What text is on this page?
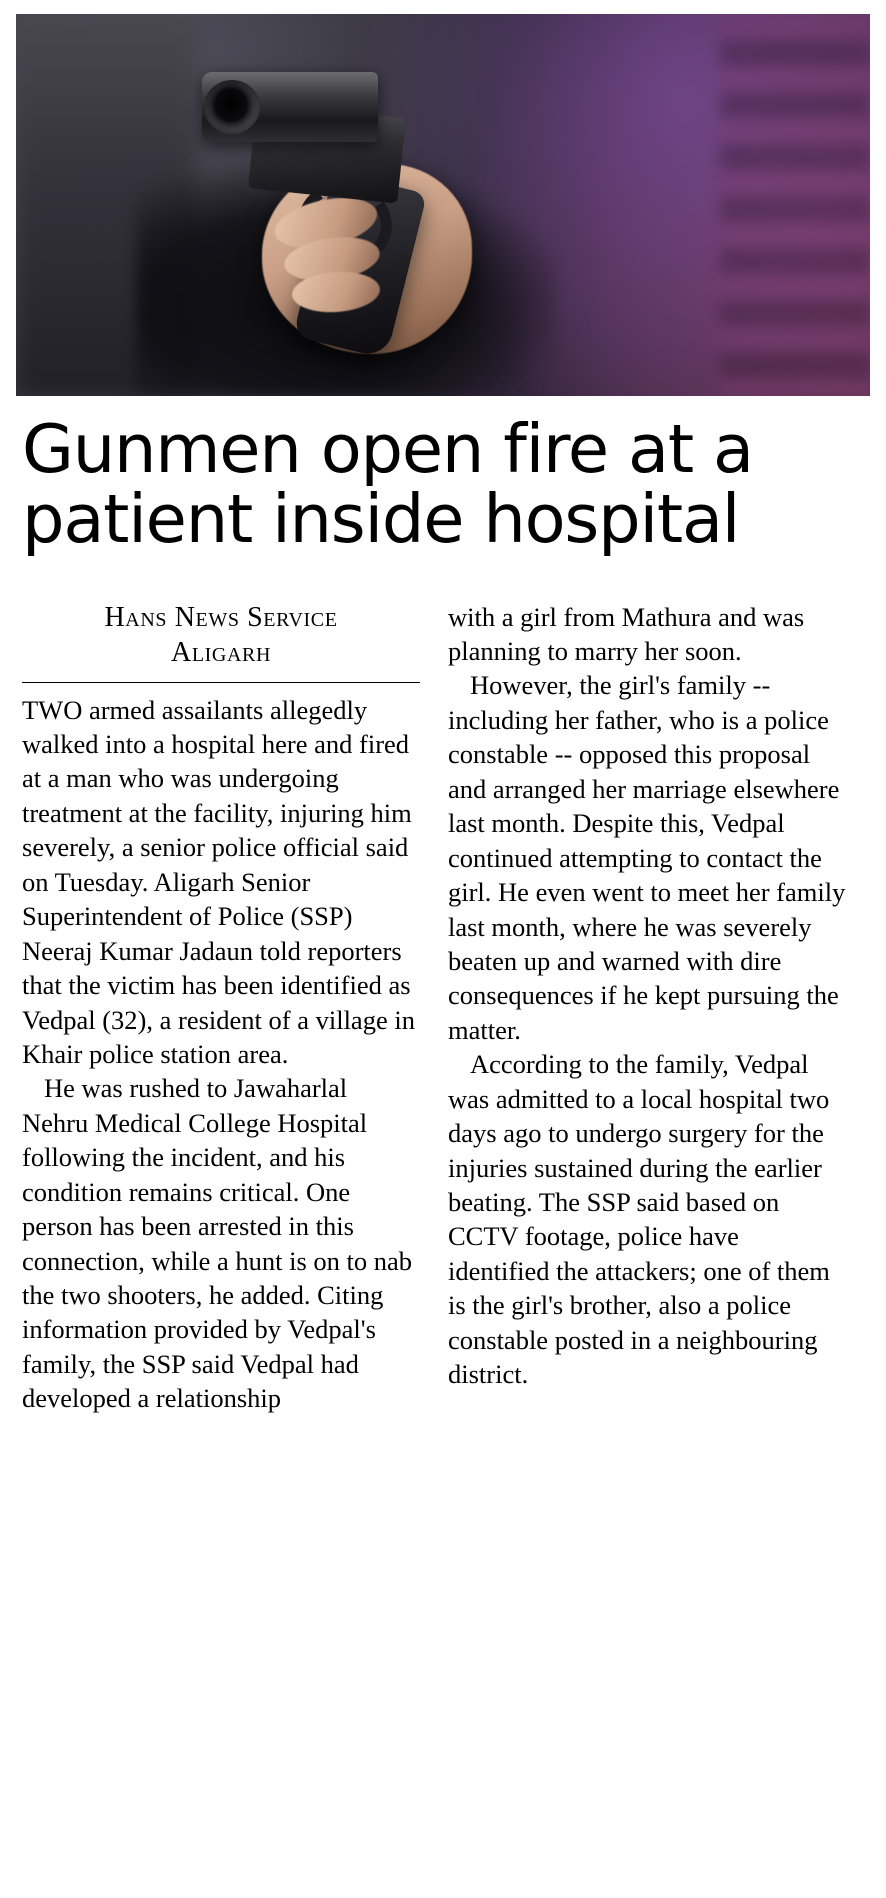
Gunmen open fire at a
patient inside hospital
Hans News Service
Aligarh

TWO armed assailants allegedly walked into a hospital here and fired at a man who was undergoing treatment at the facility, injuring him severely, a senior police official said on Tuesday. Aligarh Senior Superintendent of Police (SSP) Neeraj Kumar Jadaun told reporters that the victim has been identified as Vedpal (32), a resident of a village in Khair police station area.

He was rushed to Jawaharlal Nehru Medical College Hospital following the incident, and his condition remains critical. One person has been arrested in this connection, while a hunt is on to nab the two shooters, he added. Citing information provided by Vedpal's family, the SSP said Vedpal had developed a relationship

with a girl from Mathura and was planning to marry her soon.

However, the girl's family -- including her father, who is a police constable -- opposed this proposal and arranged her marriage elsewhere last month. Despite this, Vedpal continued attempting to contact the girl. He even went to meet her family last month, where he was severely beaten up and warned with dire consequences if he kept pursuing the matter.

According to the family, Vedpal was admitted to a local hospital two days ago to undergo surgery for the injuries sustained during the earlier beating. The SSP said based on CCTV footage, police have identified the attackers; one of them is the girl's brother, also a police constable posted in a neighbouring district.
